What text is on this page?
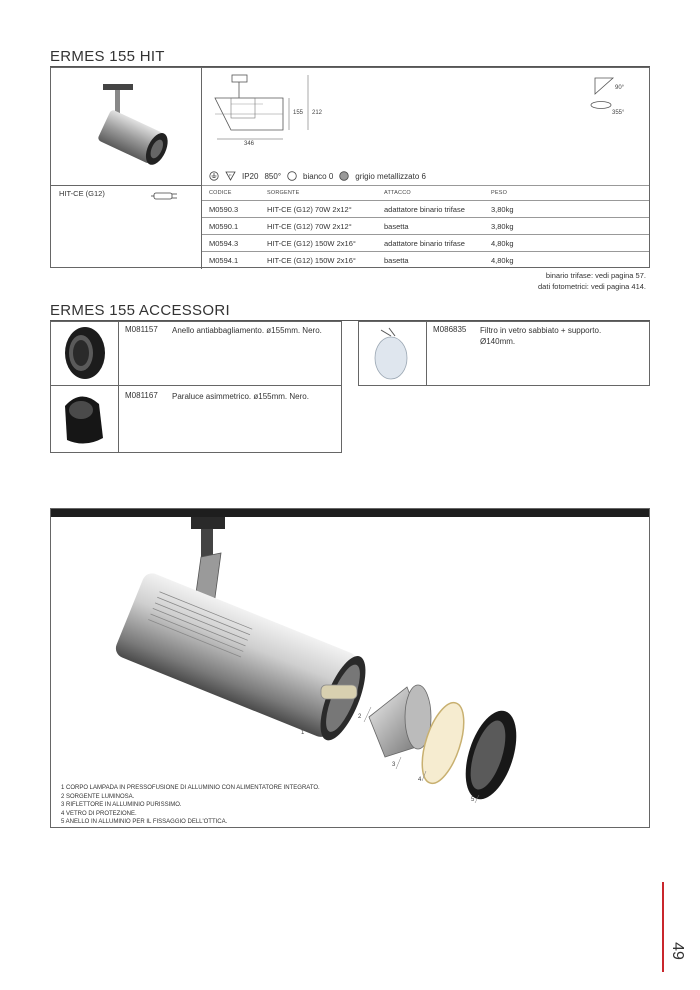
ERMES 155 HIT
346
155 212
90°
355°
F IP20 850°	bianco 0	grigio metallizzato 6
HIT-CE (G12)	CODICE	SORGENTE	ATTACCO	PESO
M0590.3	HIT-CE (G12) 70W 2x12°	adattatore binario trifase	3,80kg
M0590.1	HIT-CE (G12) 70W 2x12°	basetta	3,80kg
M0594.3	HIT-CE (G12) 150W 2x16°	adattatore binario trifase	4,80kg
M0594.1	HIT-CE (G12) 150W 2x16°	basetta	4,80kg
binario trifase: vedi pagina 57.
dati fotometrici: vedi pagina 414.
ERMES 155 ACCESSORI
M081157 Anello antiabbagliamento. ø155mm. Nero.
M081167 Paraluce asimmetrico. ø155mm. Nero.
M086835 Filtro in vetro sabbiato + supporto.
Ø140mm.
1
2
3
4
5
1 CORPO LAMPADA IN PRESSOFUSIONE DI ALLUMINIO CON ALIMENTATORE INTEGRATO.
2 SORGENTE LUMINOSA.
3 RIFLETTORE IN ALLUMINIO PURISSIMO.
4 VETRO DI PROTEZIONE.
5 ANELLO IN ALLUMINIO PER IL FISSAGGIO DELL'OTTICA.
49
